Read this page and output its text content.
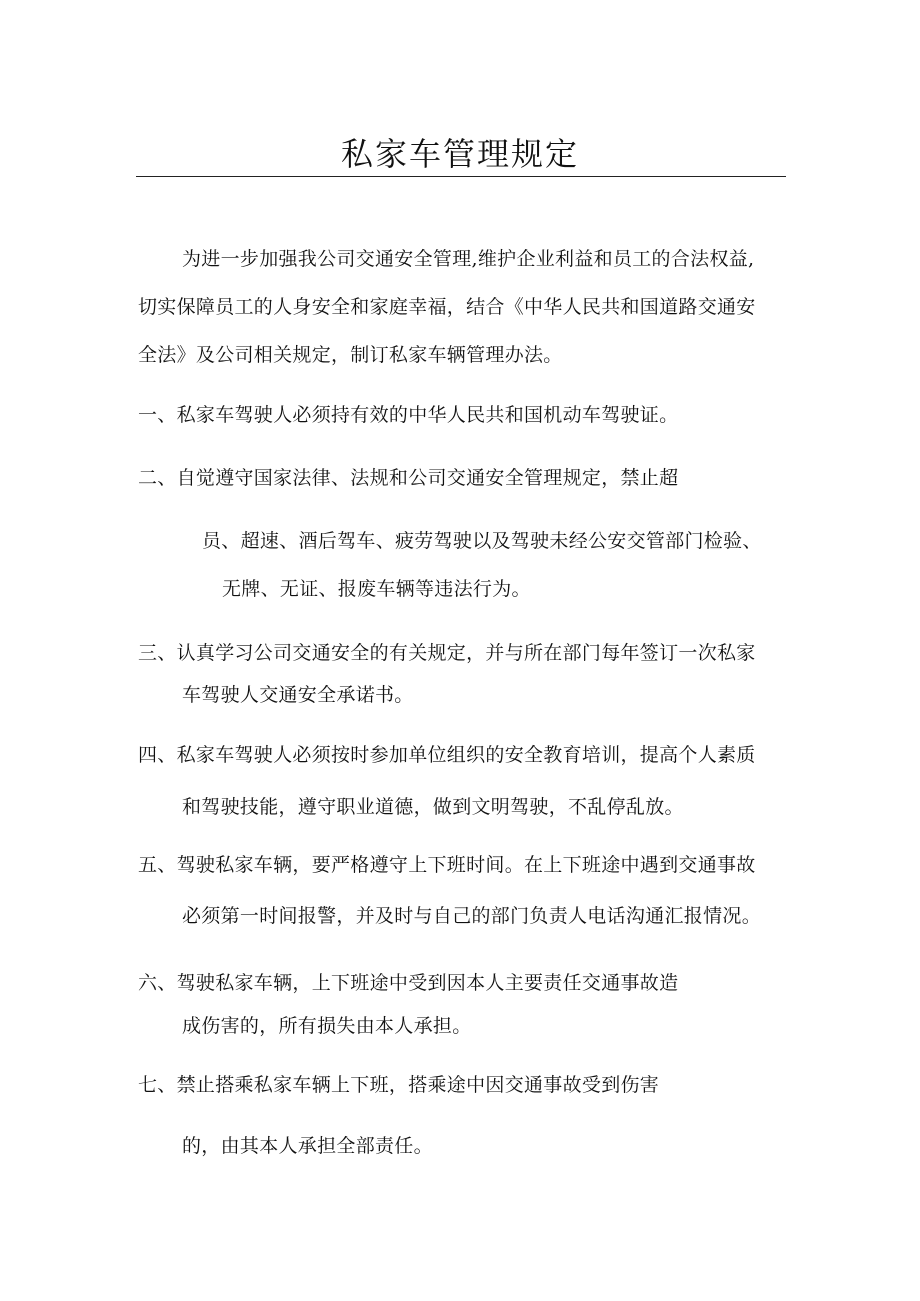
私家车管理规定
为进一步加强我公司交通安全管理,维护企业利益和员工的合法权益,
切实保障员工的人身安全和家庭幸福，结合《中华人民共和国道路交通安
全法》及公司相关规定，制订私家车辆管理办法。
一、私家车驾驶人必须持有效的中华人民共和国机动车驾驶证。
二、自觉遵守国家法律、法规和公司交通安全管理规定，禁止超
员、超速、酒后驾车、疲劳驾驶以及驾驶未经公安交管部门检验、
无牌、无证、报废车辆等违法行为。
三、认真学习公司交通安全的有关规定，并与所在部门每年签订一次私家
车驾驶人交通安全承诺书。
四、私家车驾驶人必须按时参加单位组织的安全教育培训，提高个人素质
和驾驶技能，遵守职业道德，做到文明驾驶，不乱停乱放。
五、驾驶私家车辆，要严格遵守上下班时间。在上下班途中遇到交通事故
必须第一时间报警，并及时与自己的部门负责人电话沟通汇报情况。
六、驾驶私家车辆，上下班途中受到因本人主要责任交通事故造
成伤害的，所有损失由本人承担。
七、禁止搭乘私家车辆上下班，搭乘途中因交通事故受到伤害
的，由其本人承担全部责任。
